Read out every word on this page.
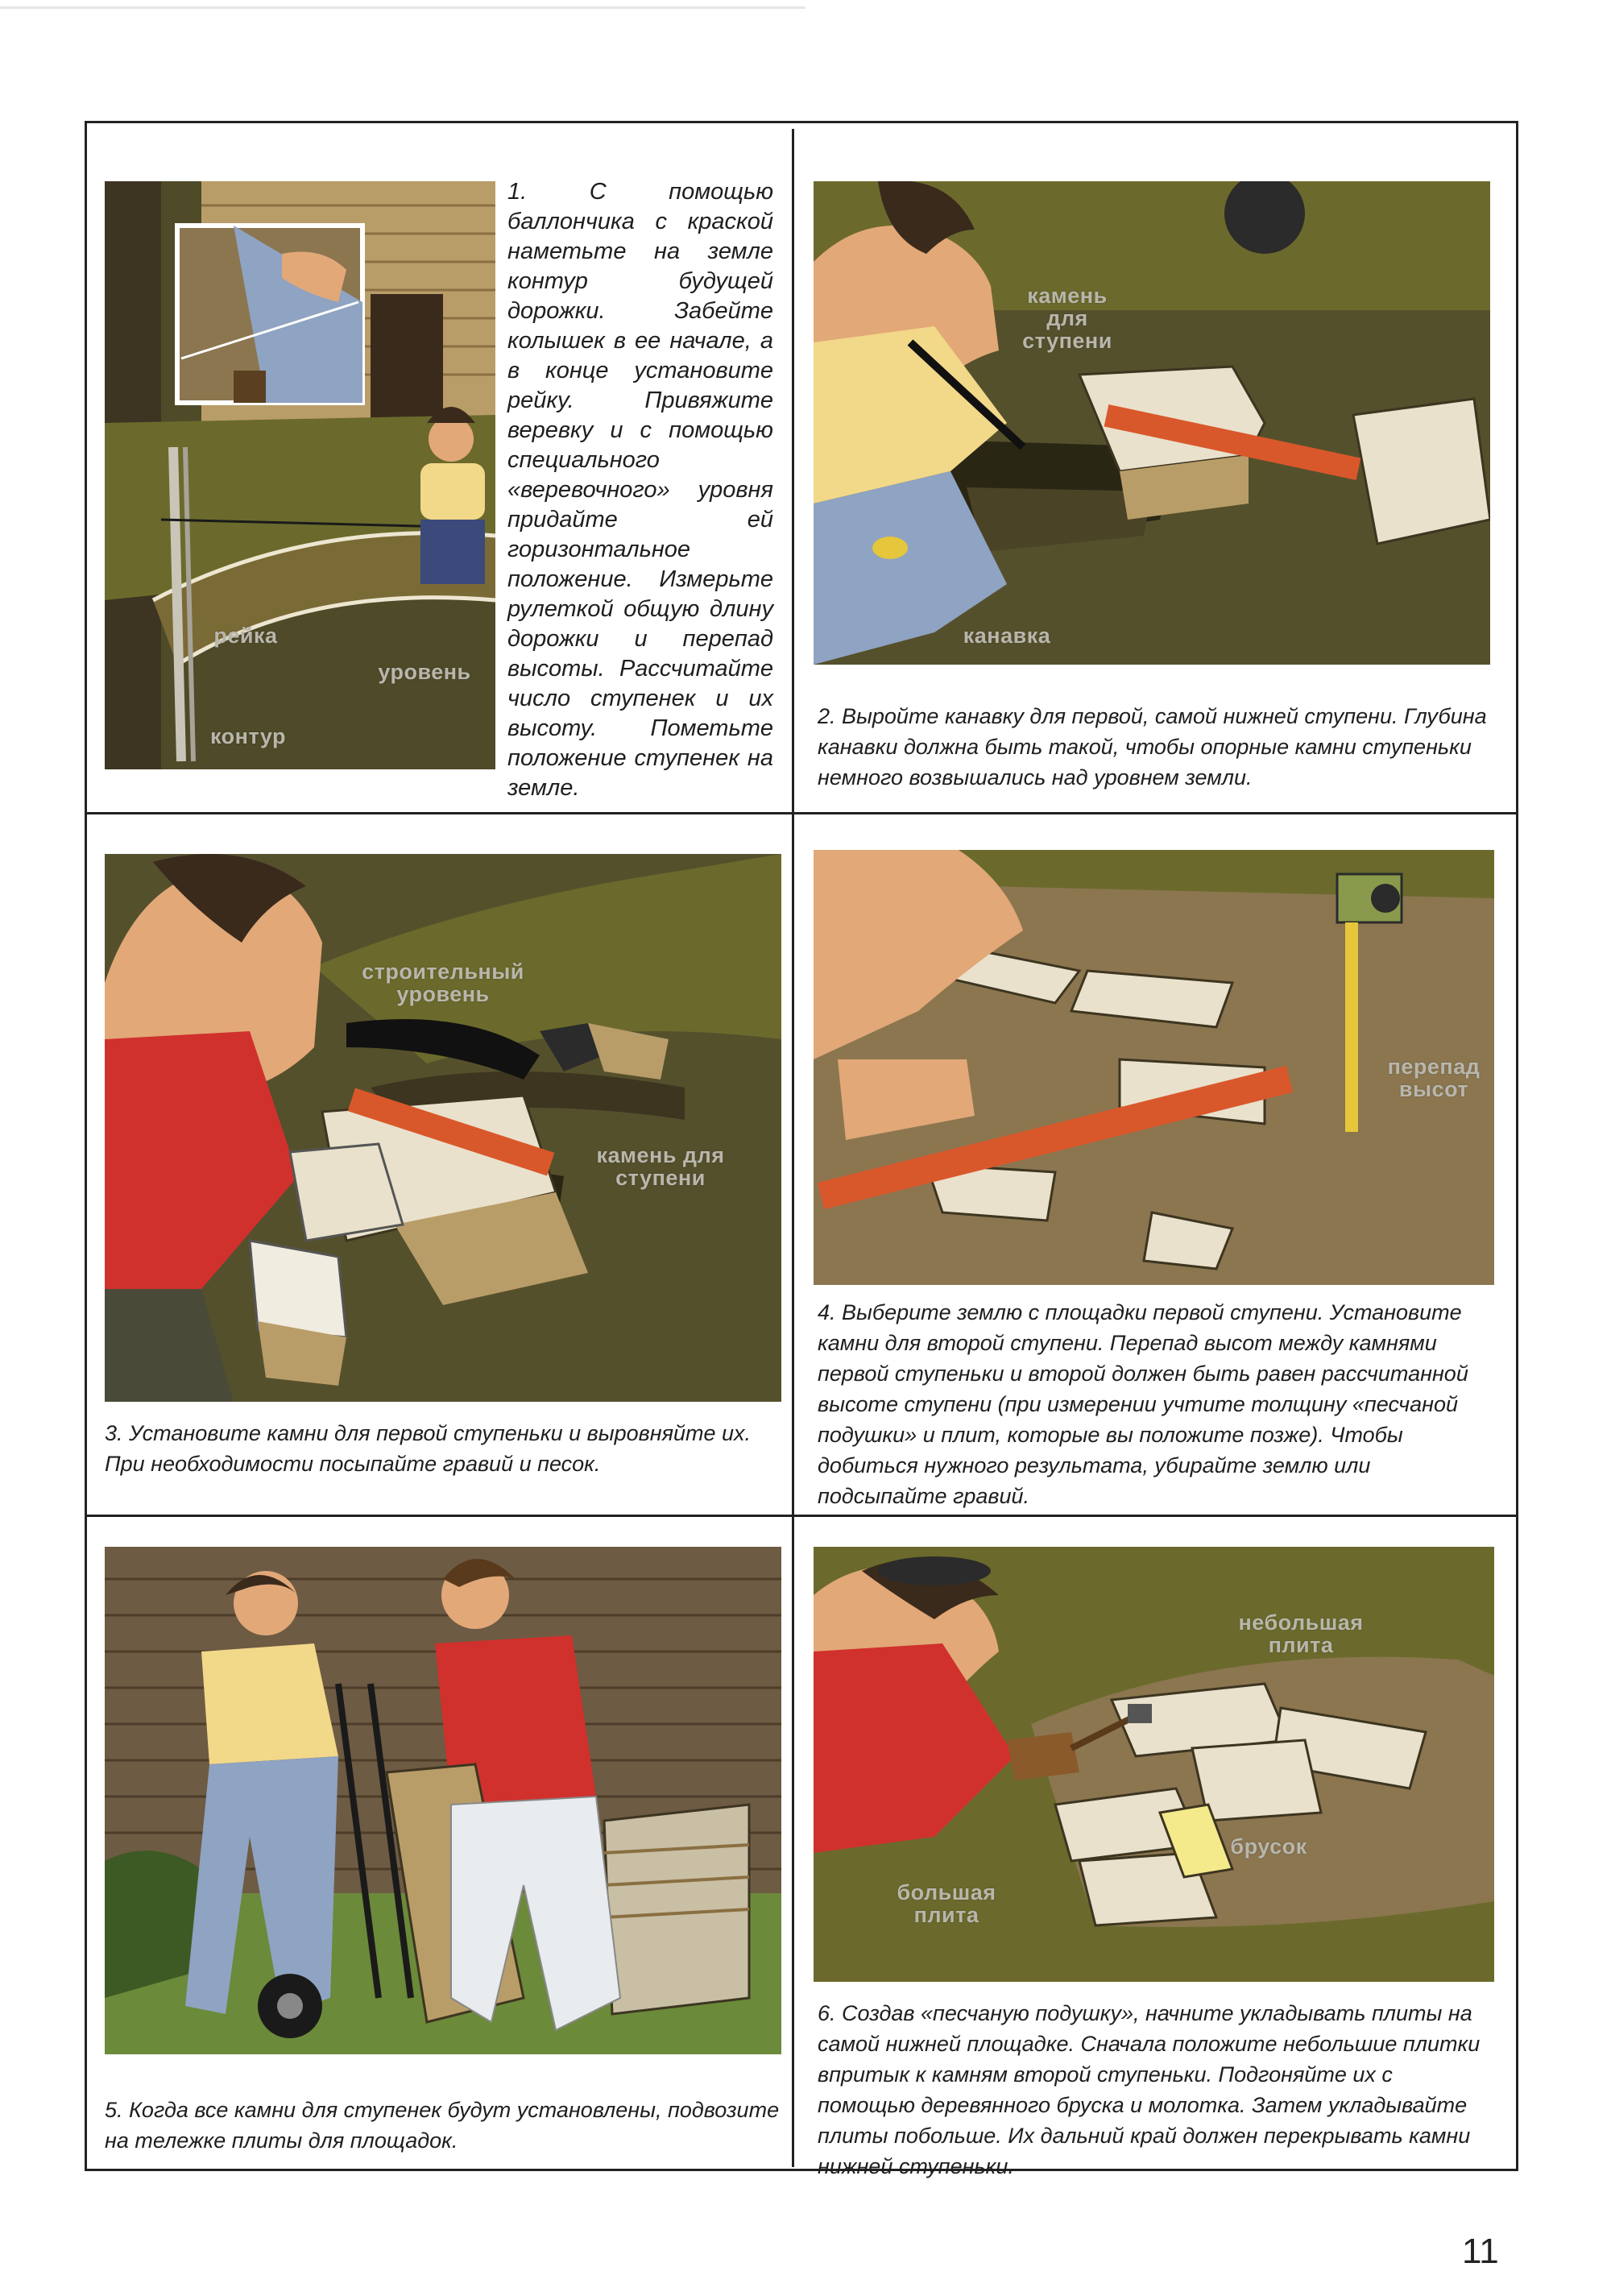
рейка
уровень
контур

1. С помощью баллончика с краской наметьте на земле контур будущей дорожки. Забейте колышек в ее начале, а в конце установите рейку. Привяжите веревку и с помощью специального «веревочного» уровня придайте ей горизонтальное положение. Измерьте рулеткой общую длину дорожки и перепад высоты. Рассчитайте число ступенек и их высоту. Пометьте положение ступенек на земле.

камень для ступени
канавка

2. Выройте канавку для первой, самой нижней ступени. Глубина канавки должна быть такой, чтобы опорные камни ступеньки немного возвышались над уровнем земли.

строительный уровень
камень для ступени

3. Установите камни для первой ступеньки и выровняйте их. При необходимости посыпайте гравий и песок.

перепад высот

4. Выберите землю с площадки первой ступени. Установите камни для второй ступени. Перепад высот между камнями первой ступеньки и второй должен быть равен рассчитанной высоте ступени (при измерении учтите толщину «песчаной подушки» и плит, которые вы положите позже). Чтобы добиться нужного результата, убирайте землю или подсыпайте гравий.

5. Когда все камни для ступенек будут установлены, подвозите на тележке плиты для площадок.

небольшая плита
брусок
большая плита

6. Создав «песчаную подушку», начните укладывать плиты на самой нижней площадке. Сначала положите небольшие плитки впритык к камням второй ступеньки. Подгоняйте их с помощью деревянного бруска и молотка. Затем укладывайте плиты побольше. Их дальний край должен перекрывать камни нижней ступеньки.

11
